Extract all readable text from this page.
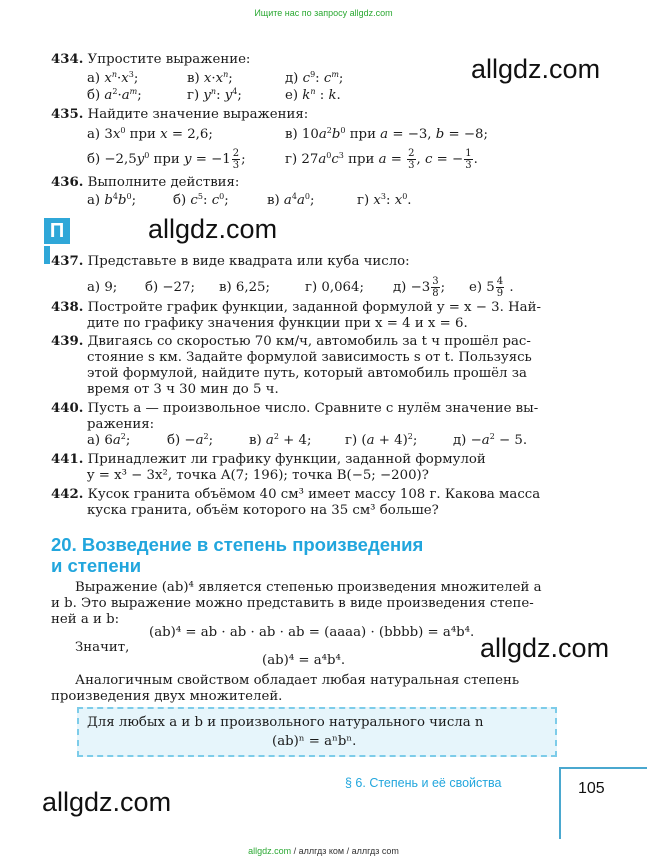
Ищите нас по запросу allgdz.com
allgdz.com
allgdz.com
allgdz.com
allgdz.com
434. Упростите выражение:
а) $x^n\cdot x^3$;	в) $x\cdot x^n$;	д) $c^9$: $c^m$;
б) $a^2\cdot a^m$;	г) $y^n$: $y^4$;	е) $k^n$ : k.
435. Найдите значение выражения:
а) $3x^0$ при x = 2,6;	в) $10a^2b^0$ при a = −3, b = −8;
$б) -2,5y^0$ при $y = -1 \frac{2}{3}$ ;	г) $27a^0c^3$ при $a = \frac{2}{3}$ , c = − $\frac{1}{3}$ .
436. Выполните действия:
а) $b^4b^0$;	б) $c^5$: $c^0$;	в) $a^4a^0$;	г) $x^3$: $x^0$.
П
437. Представьте в виде квадрата или куба число:
а) 9; б) −27; в) 6,25;	г) 0,064; $д) -3 \frac{3}{8}$ ; е) $5 \frac{4}{9}$ .
438. Постройте график функции, заданной формулой y = x − 3. Най-
дите по графику значения функции при x = 4 и x = 6.
439. Двигаясь со скоростью 70 км/ч, автомобиль за t ч прошёл рас-
стояние s км. Задайте формулой зависимость s от t. Пользуясь
этой формулой, найдите путь, который автомобиль прошёл за
время от 3 ч 30 мин до 5 ч.
440. Пусть a — произвольное число. Сравните с нулём значение вы-
ражения:
а) $6a^2$;	$б) -a^2$;	в) $a^2 + 4$;	г) $(a + 4)^2$;	$д) -a^2 - 5$.
441. Принадлежит ли графику функции, заданной формулой
y = x³ − 3x², точка A(7; 196); точка B(−5; −200)?
442. Кусок гранита объёмом 40 см³ имеет массу 108 г. Какова масса
куска гранита, объём которого на 35 см³ больше?
20. Возведение в степень произведения
и степени
Выражение (ab)⁴ является степенью произведения множителей a
и b. Это выражение можно представить в виде произведения степе-
ней a и b:
(ab)⁴ = ab · ab · ab · ab = (aaaa) · (bbbb) = a⁴b⁴.
Значит,
(ab)⁴ = a⁴b⁴.
Аналогичным свойством обладает любая натуральная степень
произведения двух множителей.
Для любых a и b и произвольного натурального числа n
(ab)ⁿ = aⁿbⁿ.
§ 6. Степень и её свойства	105
allgdz.com / аллгдз ком / аллгдз com
